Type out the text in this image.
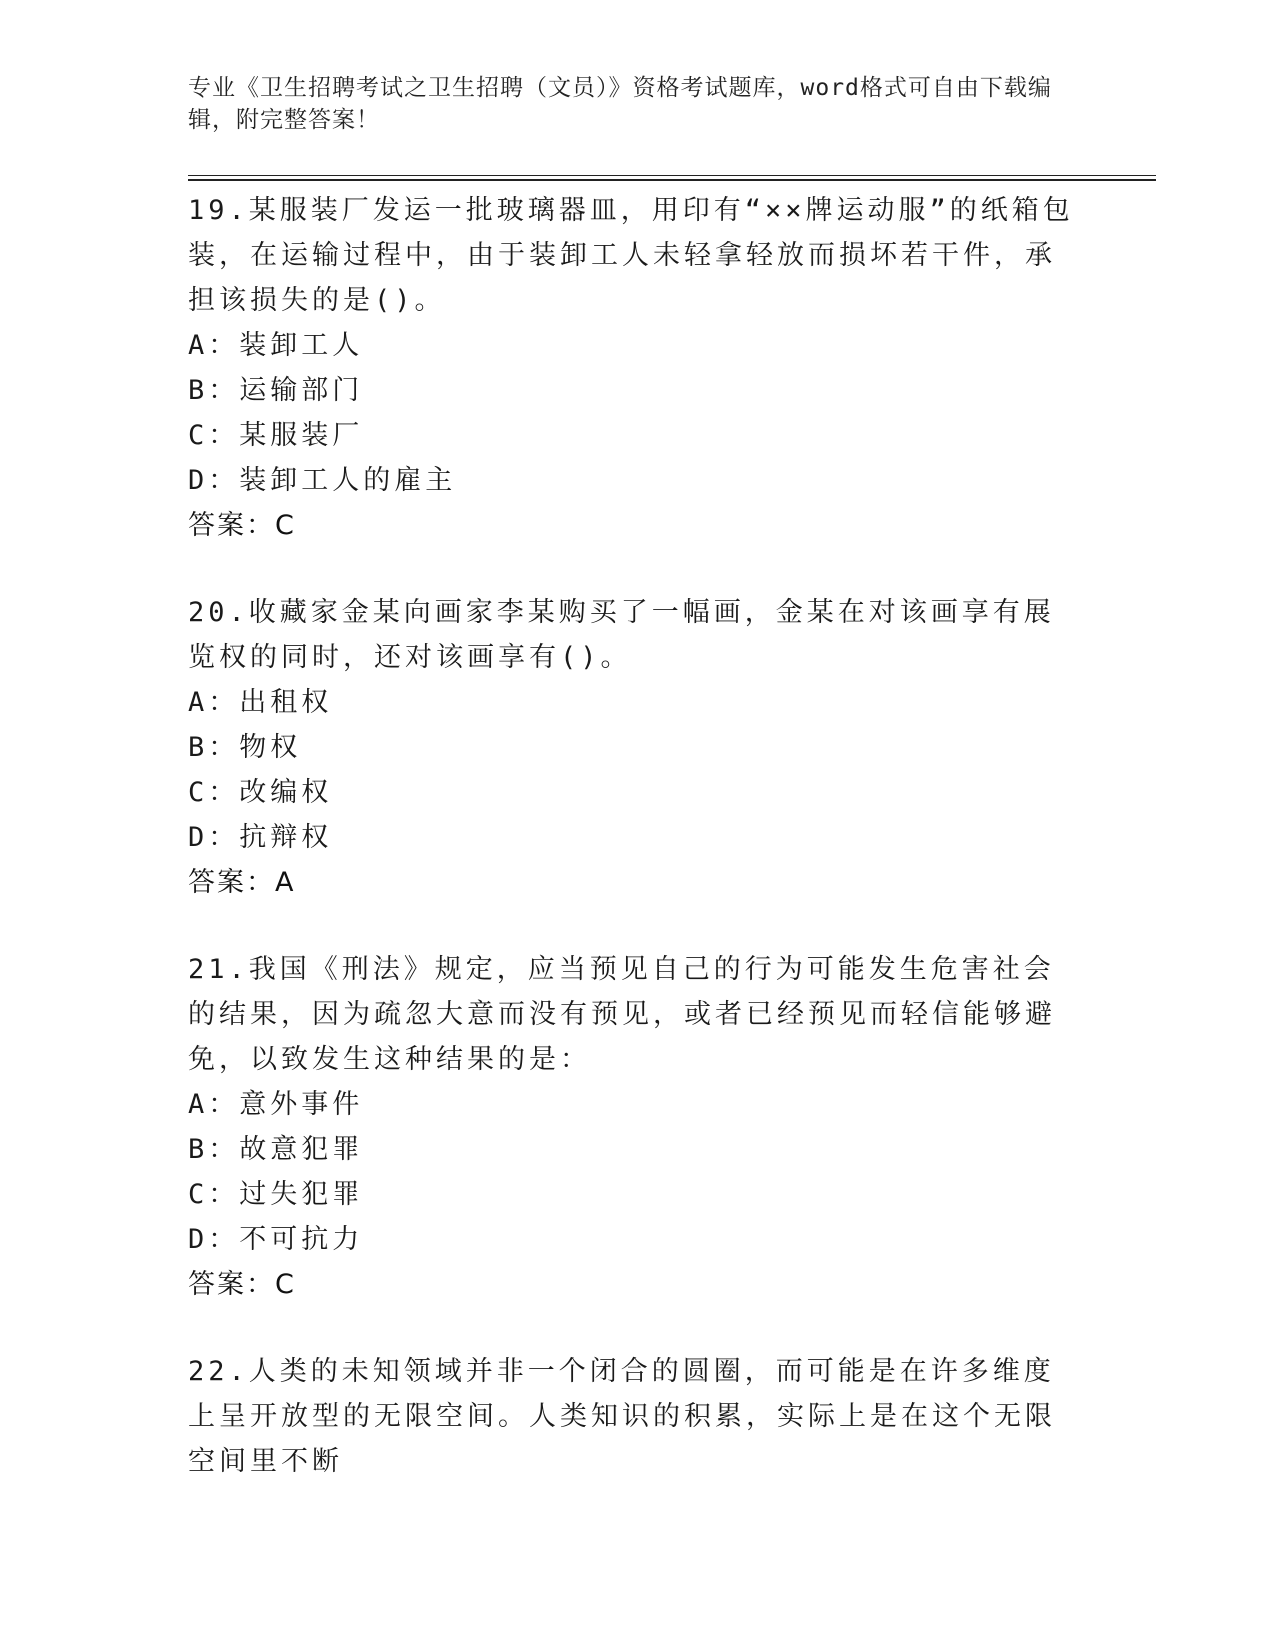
专业《卫生招聘考试之卫生招聘（文员）》资格考试题库，word格式可自由下载编辑，附完整答案！

19.某服装厂发运一批玻璃器皿，用印有“××牌运动服”的纸箱包装，在运输过程中，由于装卸工人未轻拿轻放而损坏若干件，承担该损失的是()。

A：装卸工人

B：运输部门

C：某服装厂

D：装卸工人的雇主

答案：C

20.收藏家金某向画家李某购买了一幅画，金某在对该画享有展览权的同时，还对该画享有()。

A：出租权

B：物权

C：改编权

D：抗辩权

答案：A

21.我国《刑法》规定，应当预见自己的行为可能发生危害社会的结果，因为疏忽大意而没有预见，或者已经预见而轻信能够避免，以致发生这种结果的是：

A：意外事件

B：故意犯罪

C：过失犯罪

D：不可抗力

答案：C

22.人类的未知领域并非一个闭合的圆圈，而可能是在许多维度上呈开放型的无限空间。人类知识的积累，实际上是在这个无限空间里不断
